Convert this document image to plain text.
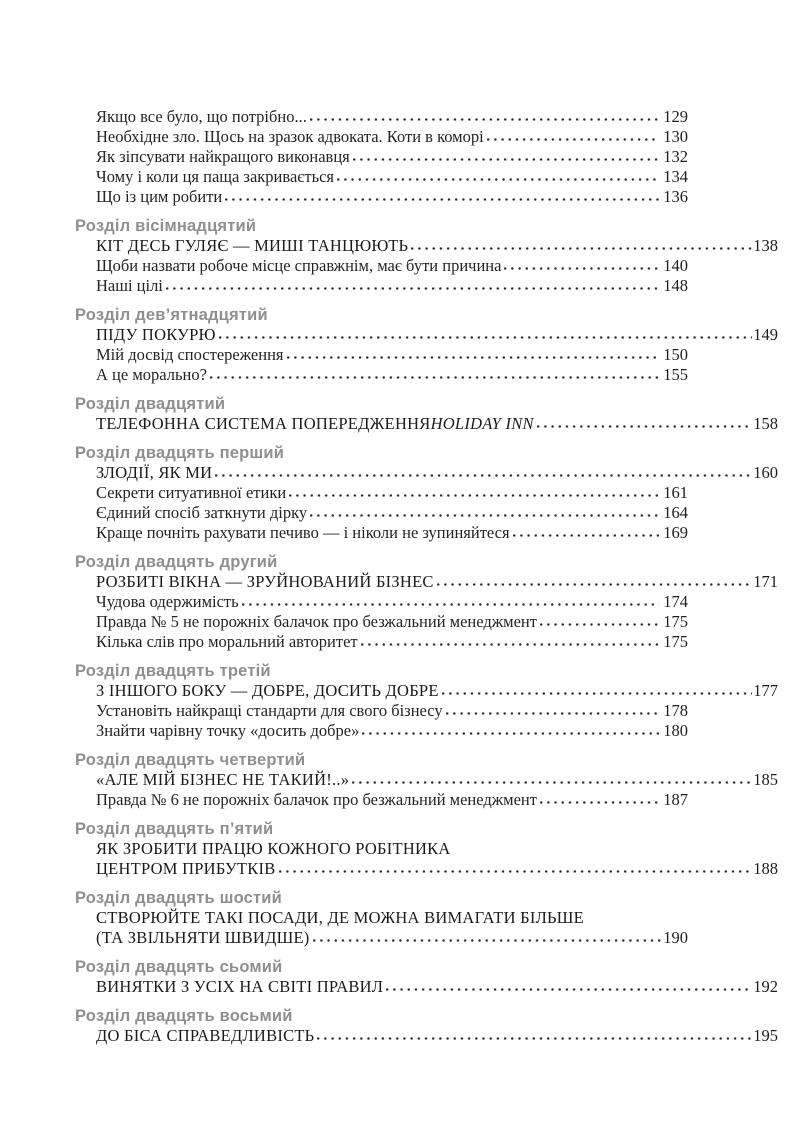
Якщо все було, що потрібно...	129
Необхідне зло. Щось на зразок адвоката. Коти в коморі	130
Як зіпсувати найкращого виконавця	132
Чому і коли ця паща закривається	134
Що із цим робити	136
Розділ вісімнадцятий
КІТ ДЕСЬ ГУЛЯЄ — МИШІ ТАНЦЮЮТЬ	138
Щоби назвати робоче місце справжнім, має бути причина	140
Наші цілі	148
Розділ дев’ятнадцятий
ПІДУ ПОКУРЮ	149
Мій досвід спостереження	150
А це морально?	155
Розділ двадцятий
ТЕЛЕФОННА СИСТЕМА ПОПЕРЕДЖЕННЯ HOLIDAY INN	158
Розділ двадцять перший
ЗЛОДІЇ, ЯК МИ	160
Секрети ситуативної етики	161
Єдиний спосіб заткнути дірку	164
Краще почніть рахувати печиво — і ніколи не зупиняйтеся	169
Розділ двадцять другий
РОЗБИТІ ВІКНА — ЗРУЙНОВАНИЙ БІЗНЕС	171
Чудова одержимість	174
Правда № 5 не порожніх балачок про безжальний менеджмент	175
Кілька слів про моральний авторитет	175
Розділ двадцять третій
З ІНШОГО БОКУ — ДОБРЕ, ДОСИТЬ ДОБРЕ	177
Установіть найкращі стандарти для свого бізнесу	178
Знайти чарівну точку «досить добре»	180
Розділ двадцять четвертий
«АЛЕ МІЙ БІЗНЕС НЕ ТАКИЙ!..»	185
Правда № 6 не порожніх балачок про безжальний менеджмент	187
Розділ двадцять п’ятий
ЯК ЗРОБИТИ ПРАЦЮ КОЖНОГО РОБІТНИКА
ЦЕНТРОМ ПРИБУТКІВ	188
Розділ двадцять шостий
СТВОРЮЙТЕ ТАКІ ПОСАДИ, ДЕ МОЖНА ВИМАГАТИ БІЛЬШЕ
(ТА ЗВІЛЬНЯТИ ШВИДШЕ)	190
Розділ двадцять сьомий
ВИНЯТКИ З УСІХ НА СВІТІ ПРАВИЛ	192
Розділ двадцять восьмий
ДО БІСА СПРАВЕДЛИВІСТЬ	195
